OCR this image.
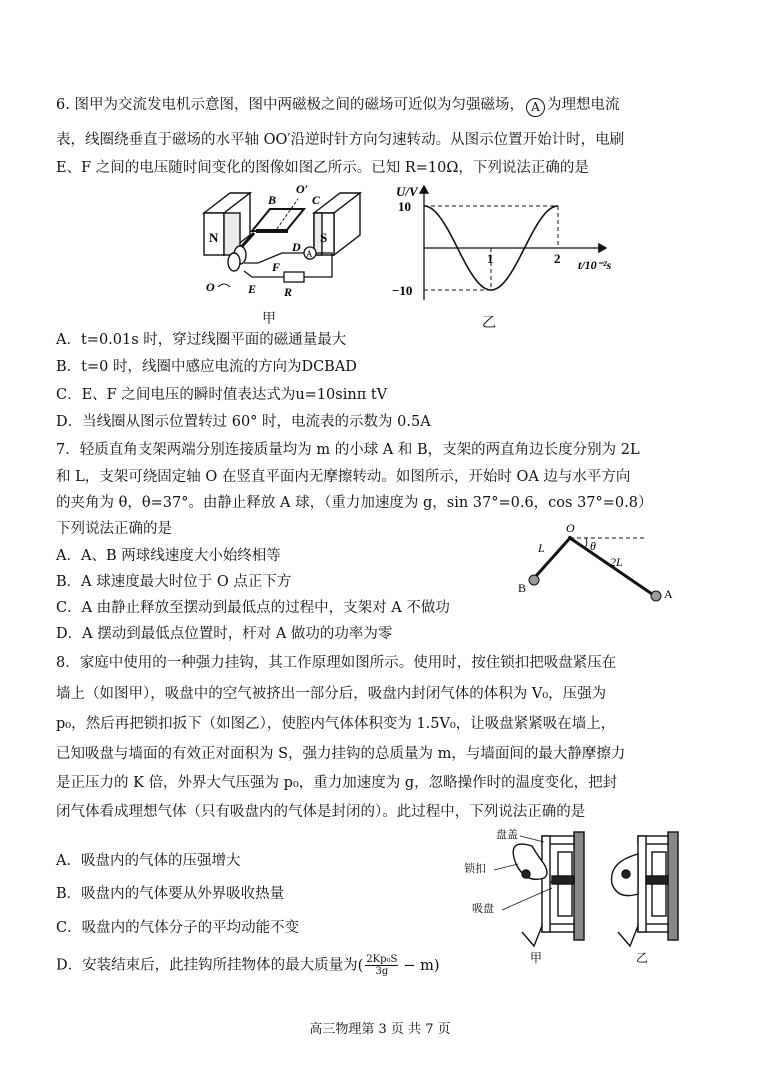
6. 图甲为交流发电机示意图，图中两磁极之间的磁场可近似为匀强磁场， A 为理想电流
表，线圈绕垂直于磁场的水平轴 OO′沿逆时针方向匀速转动。从图示位置开始计时，电刷
E、F 之间的电压随时间变化的图像如图乙所示。已知 R=10Ω，下列说法正确的是
N	S
A
B
O′
C
D
F
E R
O
甲
U/V
t/10⁻²s
10
−10
1	2
乙
A．t=0.01s 时，穿过线圈平面的磁通量最大
B．t=0 时，线圈中感应电流的方向为DCBAD
C．E、F 之间电压的瞬时值表达式为u=10sinπ tV
D．当线圈从图示位置转过 60° 时，电流表的示数为 0.5A
7．轻质直角支架两端分别连接质量均为 m 的小球 A 和 B，支架的两直角边长度分别为 2L
和 L，支架可绕固定轴 O 在竖直平面内无摩擦转动。如图所示，开始时 OA 边与水平方向
的夹角为 θ，θ=37°。由静止释放 A 球，（重力加速度为 g，sin 37°=0.6，cos 37°=0.8）
下列说法正确的是	O
L	θ
2L
B	A
A．A、B 两球线速度大小始终相等
B．A 球速度最大时位于 O 点正下方
C．A 由静止释放至摆动到最低点的过程中，支架对 A 不做功
D．A 摆动到最低点位置时，杆对 A 做功的功率为零
8．家庭中使用的一种强力挂钩，其工作原理如图所示。使用时，按住锁扣把吸盘紧压在
墙上（如图甲），吸盘中的空气被挤出一部分后，吸盘内封闭气体的体积为 V₀，压强为
p₀，然后再把锁扣扳下（如图乙），使腔内气体体积变为 1.5V₀，让吸盘紧紧吸在墙上，
已知吸盘与墙面的有效正对面积为 S，强力挂钩的总质量为 m，与墙面间的最大静摩擦力
是正压力的 K 倍，外界大气压强为 p₀，重力加速度为 g，忽略操作时的温度变化，把封
闭气体看成理想气体（只有吸盘内的气体是封闭的）。此过程中，下列说法正确的是
A．吸盘内的气体的压强增大
B．吸盘内的气体要从外界吸收热量
C．吸盘内的气体分子的平均动能不变
D．安装结束后，此挂钩所挂物体的最大质量为( $\frac{\text{2Kp₀S}}{3g} - m$ )
盘盖
锁扣
吸盘
甲	乙
高三物理第 3 页 共 7 页
